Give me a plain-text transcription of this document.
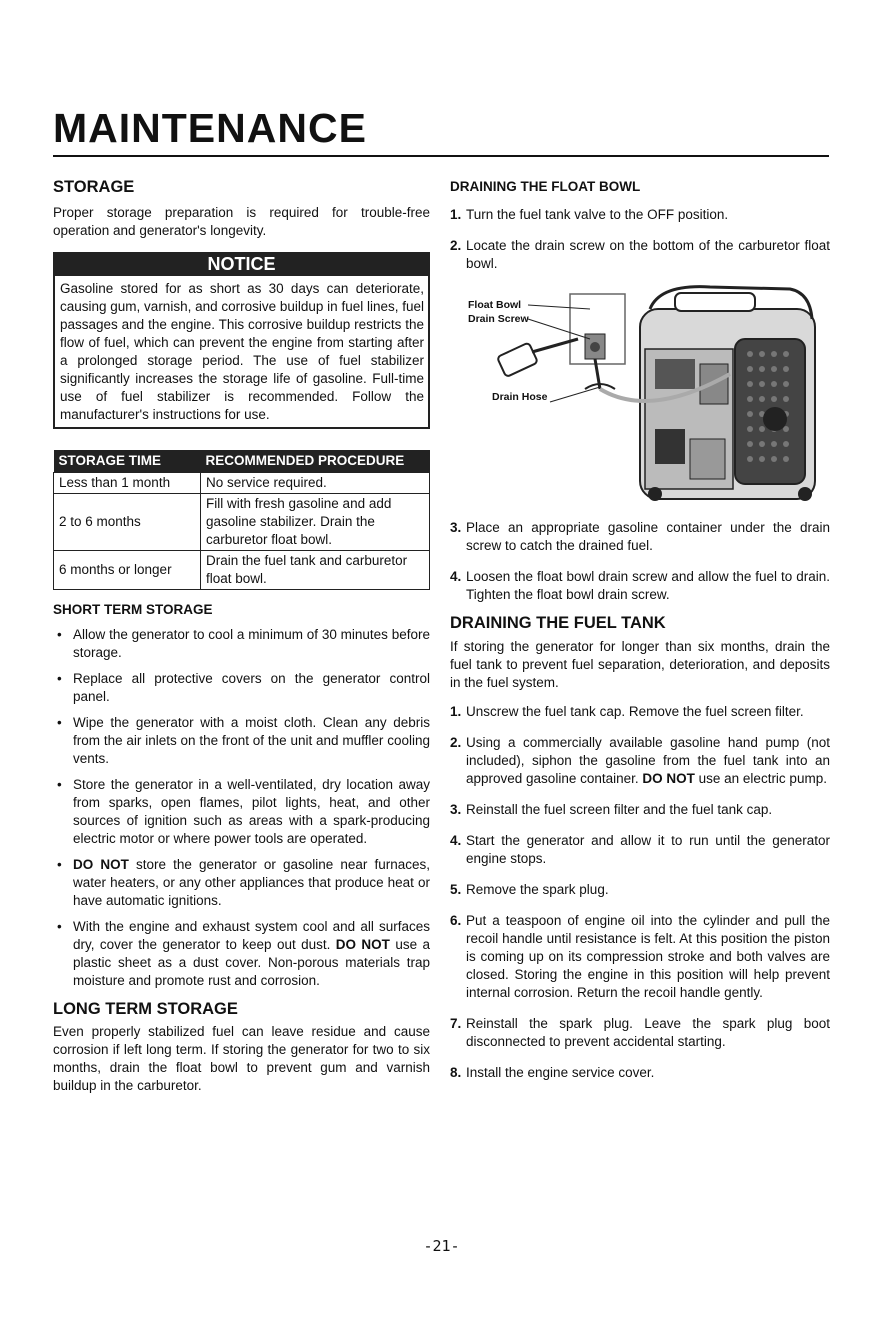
MAINTENANCE
STORAGE

Proper storage preparation is required for trouble-free operation and generator's longevity.

NOTICE
Gasoline stored for as short as 30 days can deteriorate, causing gum, varnish, and corrosive buildup in fuel lines, fuel passages and the engine. This corrosive buildup restricts the flow of fuel, which can prevent the engine from starting after a prolonged storage period. The use of fuel stabilizer significantly increases the storage life of gasoline. Full-time use of fuel stabilizer is recommended. Follow the manufacturer's instructions for use.
STORAGE TIME	RECOMMENDED PROCEDURE
Less than 1 month	No service required.
2 to 6 months	Fill with fresh gasoline and add gasoline stabilizer. Drain the carburetor float bowl.
6 months or longer	Drain the fuel tank and carburetor float bowl.
SHORT TERM STORAGE
• Allow the generator to cool a minimum of 30 minutes before storage.
• Replace all protective covers on the generator control panel.
• Wipe the generator with a moist cloth. Clean any debris from the air inlets on the front of the unit and muffler cooling vents.
• Store the generator in a well-ventilated, dry location away from sparks, open flames, pilot lights, heat, and other sources of ignition such as areas with a spark-producing electric motor or where power tools are operated.
• DO NOT store the generator or gasoline near furnaces, water heaters, or any other appliances that produce heat or have automatic ignitions.
• With the engine and exhaust system cool and all surfaces dry, cover the generator to keep out dust. DO NOT use a plastic sheet as a dust cover. Non-porous materials trap moisture and promote rust and corrosion.
LONG TERM STORAGE

Even properly stabilized fuel can leave residue and cause corrosion if left long term. If storing the generator for two to six months, drain the float bowl to prevent gum and varnish buildup in the carburetor.

DRAINING THE FLOAT BOWL
1. Turn the fuel tank valve to the OFF position.
2. Locate the drain screw on the bottom of the carburetor float bowl.
Float Bowl
Drain Screw
Drain Hose
3. Place an appropriate gasoline container under the drain screw to catch the drained fuel.
4. Loosen the float bowl drain screw and allow the fuel to drain. Tighten the float bowl drain screw.
DRAINING THE FUEL TANK

If storing the generator for longer than six months, drain the fuel tank to prevent fuel separation, deterioration, and deposits in the fuel system.

1. Unscrew the fuel tank cap. Remove the fuel screen filter.
2. Using a commercially available gasoline hand pump (not included), siphon the gasoline from the fuel tank into an approved gasoline container. DO NOT use an electric pump.
3. Reinstall the fuel screen filter and the fuel tank cap.
4. Start the generator and allow it to run until the generator engine stops.
5. Remove the spark plug.
6. Put a teaspoon of engine oil into the cylinder and pull the recoil handle until resistance is felt. At this position the piston is coming up on its compression stroke and both valves are closed. Storing the engine in this position will help prevent internal corrosion. Return the recoil handle gently.
7. Reinstall the spark plug. Leave the spark plug boot disconnected to prevent accidental starting.
8. Install the engine service cover.
-21-
